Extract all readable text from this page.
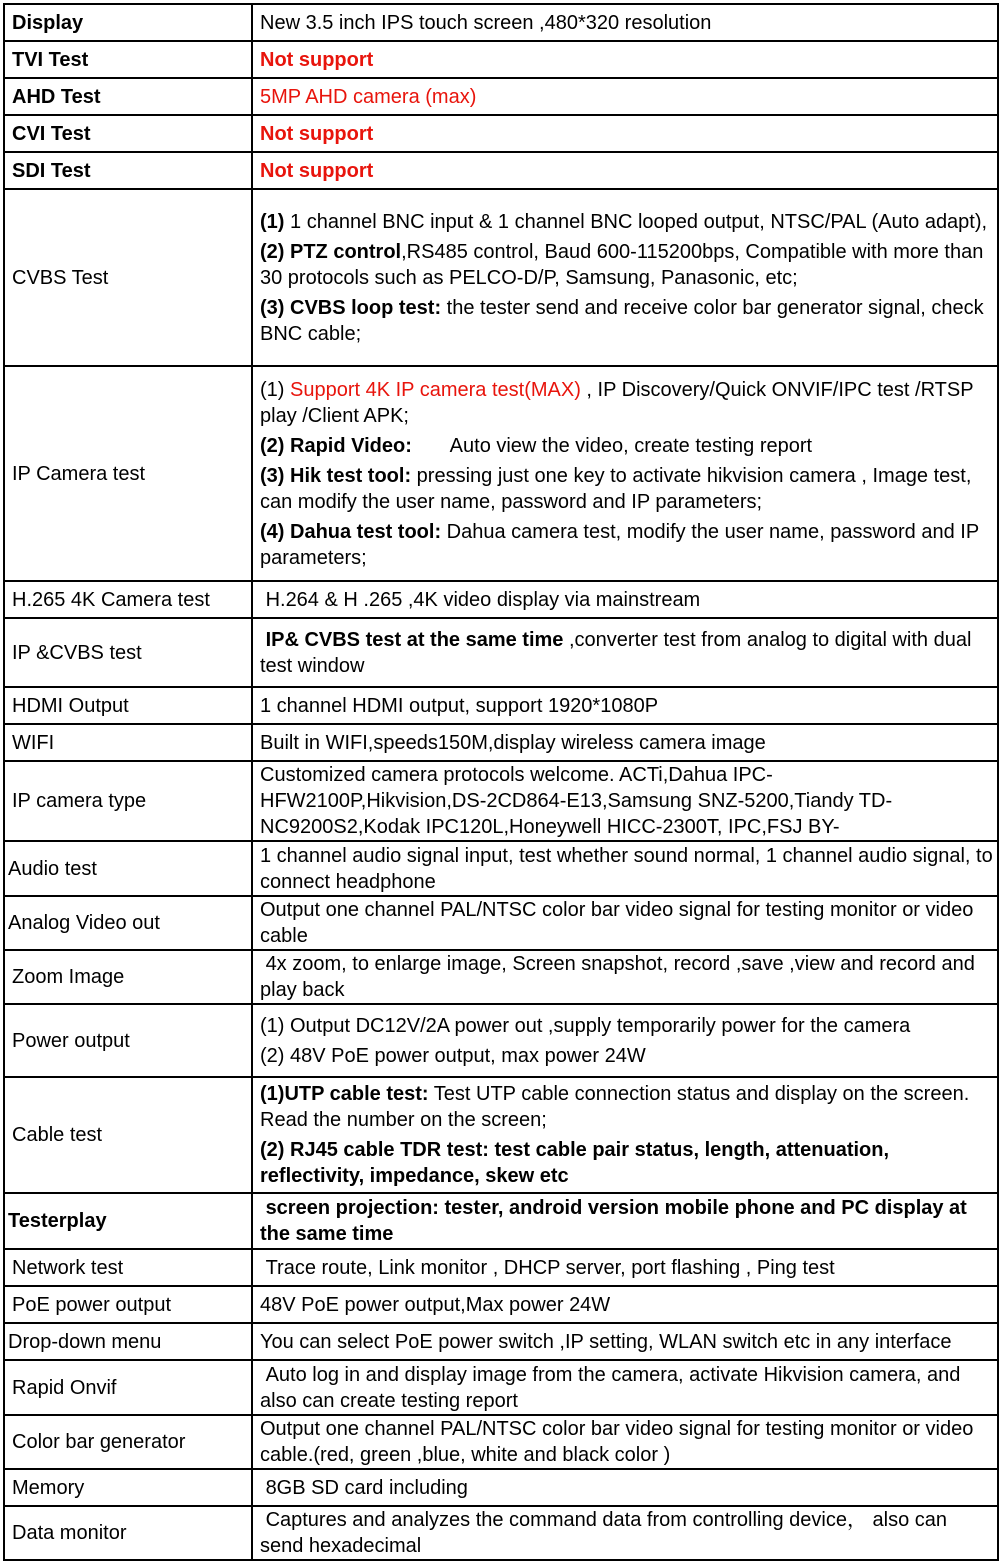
Display	New 3.5 inch IPS touch screen ,480*320 resolution
TVI Test	Not support
AHD Test	5MP AHD camera (max)
CVI Test	Not support
SDI Test	Not support
CVBS Test	(1) 1 channel BNC input & 1 channel BNC looped output, NTSC/PAL (Auto adapt),
(2) PTZ control,RS485 control, Baud 600-115200bps, Compatible with more than 30 protocols such as PELCO-D/P, Samsung, Panasonic, etc;
(3) CVBS loop test: the tester send and receive color bar generator signal, check BNC cable;

IP Camera test	(1) Support 4K IP camera test(MAX) , IP Discovery/Quick ONVIF/IPC test /RTSP play /Client APK;
(2) Rapid Video:       Auto view the video, create testing report
(3) Hik test tool: pressing just one key to activate hikvision camera , Image test, can modify the user name, password and IP parameters;
(4) Dahua test tool: Dahua camera test, modify the user name, password and IP parameters;

H.265 4K Camera test	H.264 & H .265 ,4K video display via mainstream
IP &CVBS test	IP& CVBS test at the same time ,converter test from analog to digital with dual    test window
HDMI Output	1 channel HDMI output, support 1920*1080P
WIFI	Built in WIFI,speeds150M,display wireless camera image
IP camera type	Customized camera protocols welcome. ACTi,Dahua IPC-HFW2100P,Hikvision,DS-2CD864-E13,Samsung SNZ-5200,Tiandy TD-NC9200S2,Kodak IPC120L,Honeywell HICC-2300T, IPC,FSJ BY-
Audio test	1 channel audio signal input, test whether sound normal, 1 channel audio signal, to connect headphone
Analog Video out	Output one channel PAL/NTSC color bar video signal for testing monitor or video cable
Zoom Image	4x zoom, to enlarge image, Screen snapshot, record ,save ,view and record and play back
Power output	(1) Output DC12V/2A power out ,supply temporarily power for the camera
(2) 48V PoE power output, max power 24W

Cable test	(1)UTP cable test: Test UTP cable connection status and display on the screen. Read the number on the screen;
(2) RJ45 cable TDR test: test cable pair status, length, attenuation, reflectivity, impedance, skew etc

Testerplay	screen projection: tester, android version mobile phone and PC display at the same time
Network test	Trace route, Link monitor , DHCP server, port flashing , Ping test
PoE power output	48V PoE power output,Max power 24W
Drop-down menu	You can select PoE power switch ,IP setting, WLAN switch etc in any interface
Rapid Onvif	Auto log in and display image from the camera, activate Hikvision camera, and also can create testing report
Color bar generator	Output one channel PAL/NTSC color bar video signal for testing monitor or video cable.(red, green ,blue, white and black color )
Memory	8GB SD card including
Data monitor	Captures and analyzes the command data from controlling device， also can send hexadecimal
